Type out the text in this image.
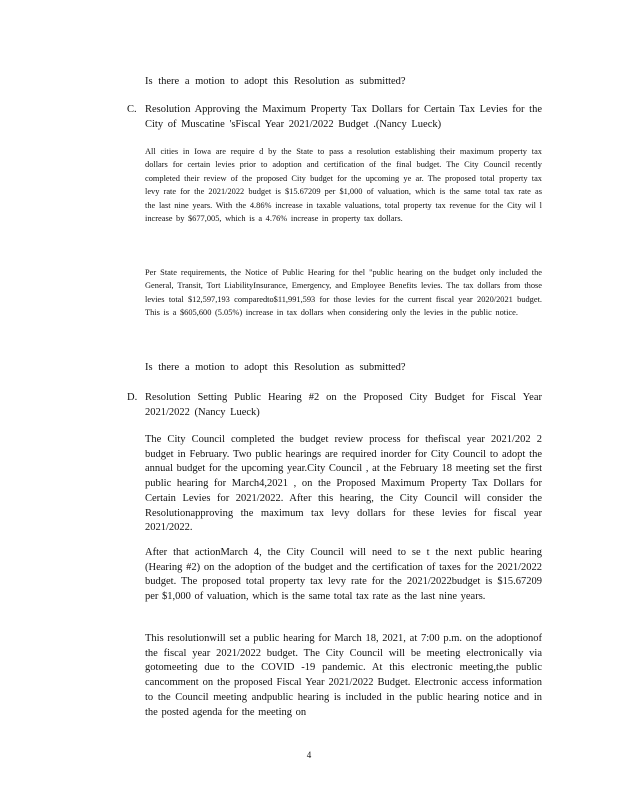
Is there a motion to adopt this Resolution as submitted?

C. Resolution Approving the Maximum Property Tax Dollars for Certain Tax Levies for the City of Muscatine 'sFiscal Year 2021/2022 Budget .(Nancy Lueck)

All cities in Iowa are require d by the State to pass a resolution establishing their maximum property tax dollars for certain levies prior to adoption and certification of the final budget. The City Council recently completed their review of the proposed City budget for the upcoming ye ar. The proposed total property tax levy rate for the 2021/2022 budget is $15.67209 per $1,000 of valuation, which is the same total tax rate as the last nine years. With the 4.86% increase in taxable valuations, total property tax revenue for the City wil l increase by $677,005, which is a 4.76% increase in property tax dollars.

Per State requirements, the Notice of Public Hearing for thel "public hearing on the budget only included the General, Transit, Tort LiabilityInsurance, Emergency, and Employee Benefits levies. The tax dollars from those levies total $12,597,193 comparedto$11,991,593 for those levies for the current fiscal year 2020/2021 budget. This is a $605,600 (5.05%) increase in tax dollars when considering only the levies in the public notice.

Is there a motion to adopt this Resolution as submitted?

D. Resolution Setting Public Hearing #2 on the Proposed City Budget for Fiscal Year 2021/2022 (Nancy Lueck)

The City Council completed the budget review process for thefiscal year 2021/202 2 budget in February. Two public hearings are required inorder for City Council to adopt the annual budget for the upcoming year.City Council , at the February 18 meeting set the first public hearing for March4,2021 , on the Proposed Maximum Property Tax Dollars for Certain Levies for 2021/2022. After this hearing, the City Council will consider the Resolutionapproving the maximum tax levy dollars for these levies for fiscal year 2021/2022.

After that actionMarch 4, the City Council will need to se t the next public hearing (Hearing #2) on the adoption of the budget and the certification of taxes for the 2021/2022 budget. The proposed total property tax levy rate for the 2021/2022budget is $15.67209 per $1,000 of valuation, which is the same total tax rate as the last nine years.

This resolutionwill set a public hearing for March 18, 2021, at 7:00 p.m. on the adoptionof the fiscal year 2021/2022 budget. The City Council will be meeting electronically via gotomeeting due to the COVID -19 pandemic. At this electronic meeting,the public cancomment on the proposed Fiscal Year 2021/2022 Budget. Electronic access information to the Council meeting andpublic hearing is included in the public hearing notice and in the posted agenda for the meeting on

4
